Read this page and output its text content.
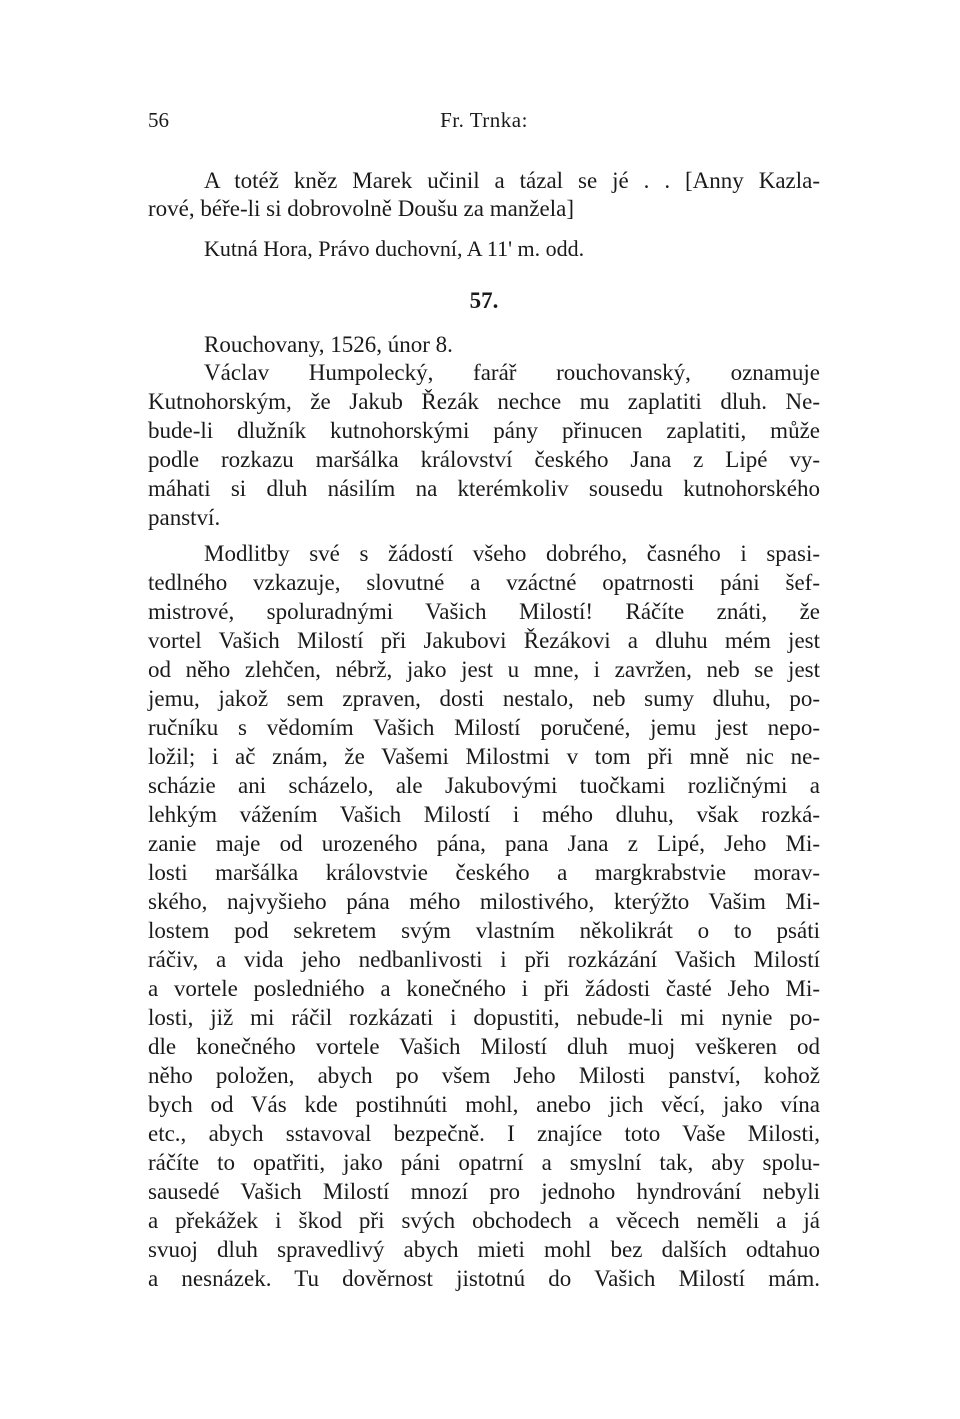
56	Fr. Trnka:
A totéž kněz Marek učinil a tázal se jé . . [Anny Kazla-
rové, béře-li si dobrovolně Doušu za manžela]
Kutná Hora, Právo duchovní, A 11' m. odd.
57.
Rouchovany, 1526, únor 8.
Václav Humpolecký, farář rouchovanský, oznamuje
Kutnohorským, že Jakub Řezák nechce mu zaplatiti dluh. Ne-
bude-li dlužník kutnohorskými pány přinucen zaplatiti, může
podle rozkazu maršálka království českého Jana z Lipé vy-
máhati si dluh násilím na kterémkoliv sousedu kutnohorského
panství.
Modlitby své s žádostí všeho dobrého, časného i spasi-
tedlného vzkazuje, slovutné a vzáctné opatrnosti páni šef-
mistrové, spoluradnými Vašich Milostí! Ráčíte znáti, že
vortel Vašich Milostí při Jakubovi Řezákovi a dluhu mém jest
od něho zlehčen, nébrž, jako jest u mne, i zavržen, neb se jest
jemu, jakož sem zpraven, dosti nestalo, neb sumy dluhu, po-
ručníku s vědomím Vašich Milostí poručené, jemu jest nepo-
ložil; i ač znám, že Vašemi Milostmi v tom při mně nic ne-
scházie ani scházelo, ale Jakubovými tuočkami rozličnými a
lehkým vážením Vašich Milostí i mého dluhu, však rozká-
zanie maje od urozeného pána, pana Jana z Lipé, Jeho Mi-
losti maršálka královstvie českého a margkrabstvie morav-
ského, najvyšieho pána mého milostivého, kterýžto Vašim Mi-
lostem pod sekretem svým vlastním několikrát o to psáti
ráčiv, a vida jeho nedbanlivosti i při rozkázání Vašich Milostí
a vortele posledniého a konečného i při žádosti časté Jeho Mi-
losti, již mi ráčil rozkázati i dopustiti, nebude-li mi nynie po-
dle konečného vortele Vašich Milostí dluh muoj veškeren od
něho položen, abych po všem Jeho Milosti panství, kohož
bych od Vás kde postihnúti mohl, anebo jich věcí, jako vína
etc., abych sstavoval bezpečně. I znajíce toto Vaše Milosti,
ráčíte to opatřiti, jako páni opatrní a smyslní tak, aby spolu-
sausedé Vašich Milostí mnozí pro jednoho hyndrování nebyli
a překážek i škod při svých obchodech a věcech neměli a já
svuoj dluh spravedlivý abych mieti mohl bez dalších odtahuo
a nesnázek. Tu dověrnost jistotnú do Vašich Milostí mám.
